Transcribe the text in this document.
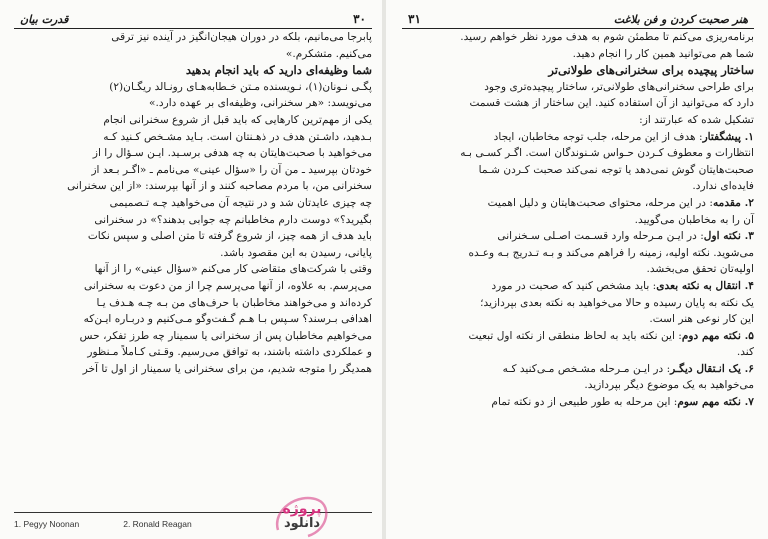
قدرت بیان	۳۰

پابرجا می‌مانیم، بلکه در دوران هیجان‌انگیز در آینده نیز ترقی

می‌کنیم. متشکرم.»

شما وظیفه‌ای دارید که باید انجام بدهید

پگـی نـونان(۱)، نـویسنده مـتن خـطابه‌هـای رونـالد ریگـان(۲)

می‌نویسد: «هر سخنرانی، وظیفه‌ای بر عهده دارد.»

یکی از مهم‌ترین کارهایی که باید قبل از شروع سخنرانی انجام

بـدهید، داشـتن هدف در ذهـنتان است. بـاید مشـخص کـنید کـه

می‌خواهید با صحبت‌هایتان به چه هدفی برسـید. ایـن سـؤال را از

خودتان بپرسید ـ من آن را «سؤال عینی» می‌نامم ـ «اگـر بـعد از

سخنرانی من، با مردم مصاحبه کنند و از آنها بپرسند: «از این سخنرانی

چه چیزی عایدتان شد و در نتیجه آن می‌خواهید چـه تـصمیمی

بگیرید؟» دوست دارم مخاطبانم چه جوابی بدهند؟» در سخنرانی

باید هدف از همه چیز، از شروع گرفته تا متن اصلی و سپس نکات

پایانی، رسیدن به این مقصود باشد.

وقتی با شرکت‌های متقاضی کار می‌کنم «سؤال عینی» را از آنها

می‌پرسم. به علاوه، از آنها می‌پرسم چرا از من دعوت به سخنرانی

کرده‌اند و می‌خواهند مخاطبان با حرف‌های من بـه چـه هـدف یـا

اهدافی بـرسند؟ سـپس بـا هـم گـفت‌وگو مـی‌کنیم و دربـاره ایـن‌که

می‌خواهیم مخاطبان پس از سخنرانی یا سمینار چه طرز تفکر، حس

و عملکردی داشته باشند، به توافق می‌رسیم. وقـتی کـاملاً مـنظور

همدیگر را متوجه شدیم، من برای سخنرانی یا سمینار از اول تا آخر

1. Pegyy Noonan	2. Ronald Reagan
پروژه
دانلود
۳۱	هنر صحبت کردن و فن بلاغت

برنامه‌ریزی می‌کنم تا مطمئن شوم به هدف مورد نظر خواهم رسید.

شما هم می‌توانید همین کار را انجام دهید.

ساختار پیچیده برای سخنرانی‌های طولانی‌تر

برای طراحی سخنرانی‌های طولانی‌تر، ساختار پیچیده‌تری وجود

دارد که می‌توانید از آن استفاده کنید. این ساختار از هشت قسمت

تشکیل شده که عبارتند از:

۱. پیشگفتار: هدف از این مرحله، جلب توجه مخاطبان، ایجاد

انتظارات و معطوف کـردن حـواس شـنوندگان است. اگـر کسـی بـه

صحبت‌هایتان گوش نمی‌دهد یا توجه نمی‌کند صحبت کـردن شـما

فایده‌ای ندارد.

۲. مقدمه: در این مرحله، محتوای صحبت‌هایتان و دلیل اهمیت

آن را به مخاطبان می‌گویید.

۳. نکته اول: در ایـن مـرحله وارد قسـمت اصـلی سـخنرانی

می‌شوید. نکته اولیه، زمینه را فراهم می‌کند و بـه تـدریج بـه وعـده

اولیه‌تان تحقق می‌بخشد.

۴. انتقال به نکته بعدی: باید مشخص کنید که صحبت در مورد

یک نکته به پایان رسیده و حالا می‌خواهید به نکته بعدی بپردازید؛

این کار نوعی هنر است.

۵. نکته مهم دوم: این نکته باید به لحاظ منطقی از نکته اول تبعیت

کند.

۶. یک انـتقال دیگـر: در ایـن مـرحله مشـخص مـی‌کنید کـه

می‌خواهید به یک موضوع دیگر بپردازید.

۷. نکته مهم سوم: این مرحله به طور طبیعی از دو نکته تمام
